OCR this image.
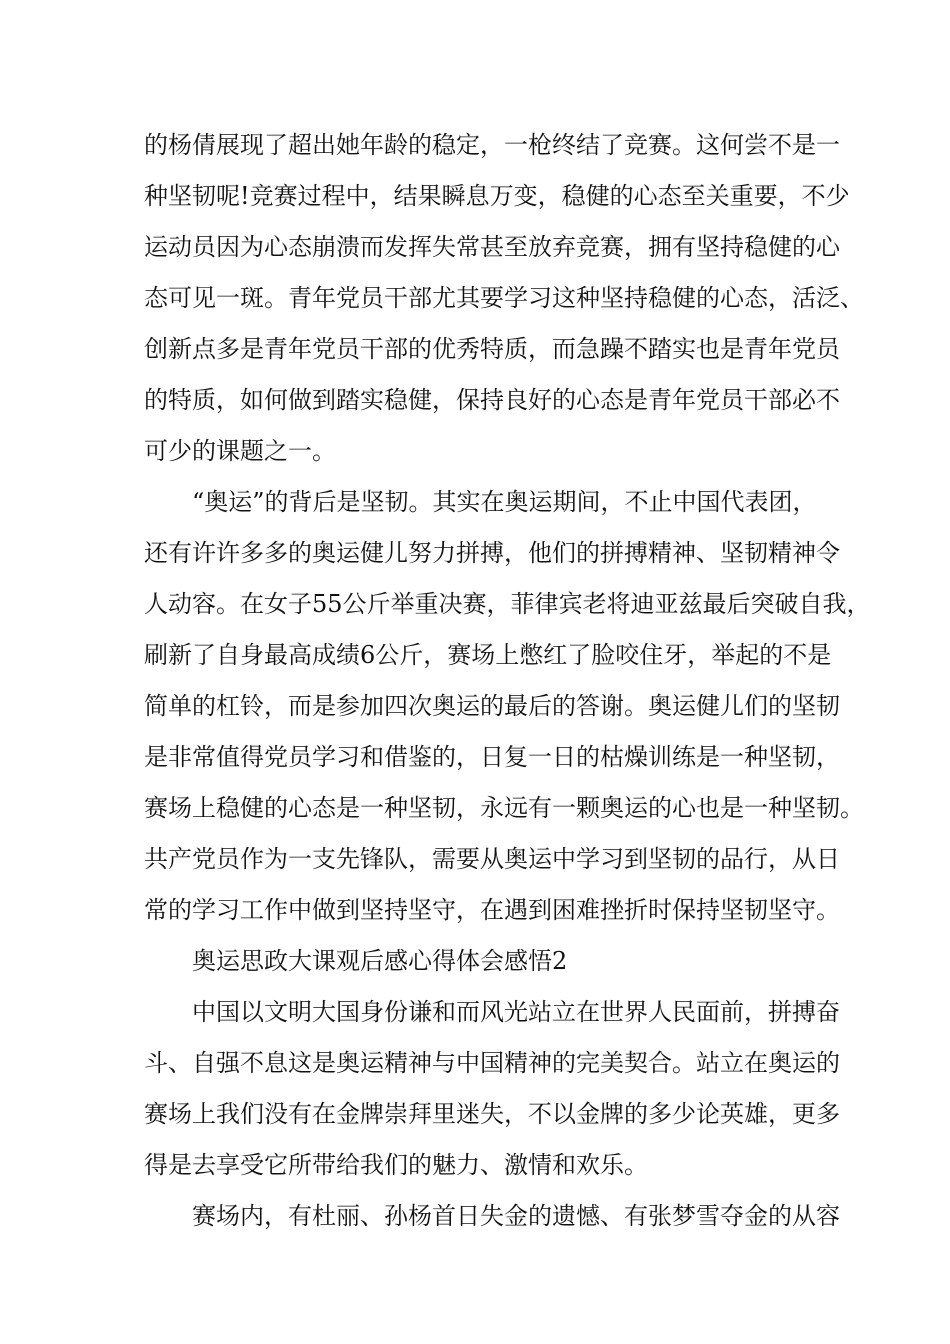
的杨倩展现了超出她年龄的稳定，一枪终结了竞赛。这何尝不是一
种坚韧呢!竞赛过程中，结果瞬息万变，稳健的心态至关重要，不少
运动员因为心态崩溃而发挥失常甚至放弃竞赛，拥有坚持稳健的心
态可见一斑。青年党员干部尤其要学习这种坚持稳健的心态，活泛、
创新点多是青年党员干部的优秀特质，而急躁不踏实也是青年党员
的特质，如何做到踏实稳健，保持良好的心态是青年党员干部必不
可少的课题之一。
“奥运”的背后是坚韧。其实在奥运期间，不止中国代表团，
还有许许多多的奥运健儿努力拼搏，他们的拼搏精神、坚韧精神令
人动容。在女子55公斤举重决赛，菲律宾老将迪亚兹最后突破自我，
刷新了自身最高成绩6公斤，赛场上憋红了脸咬住牙，举起的不是
简单的杠铃，而是参加四次奥运的最后的答谢。奥运健儿们的坚韧
是非常值得党员学习和借鉴的，日复一日的枯燥训练是一种坚韧，
赛场上稳健的心态是一种坚韧，永远有一颗奥运的心也是一种坚韧。
共产党员作为一支先锋队，需要从奥运中学习到坚韧的品行，从日
常的学习工作中做到坚持坚守，在遇到困难挫折时保持坚韧坚守。
奥运思政大课观后感心得体会感悟2
中国以文明大国身份谦和而风光站立在世界人民面前，拼搏奋
斗、自强不息这是奥运精神与中国精神的完美契合。站立在奥运的
赛场上我们没有在金牌崇拜里迷失，不以金牌的多少论英雄，更多
得是去享受它所带给我们的魅力、激情和欢乐。
赛场内，有杜丽、孙杨首日失金的遗憾、有张梦雪夺金的从容
